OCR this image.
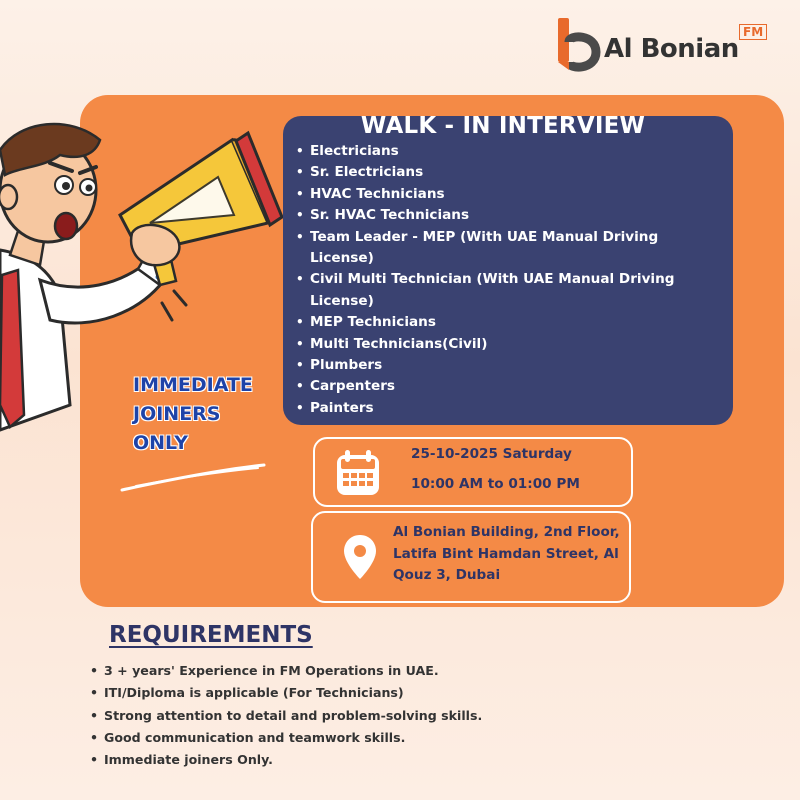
Al Bonian
FM
WALK - IN INTERVIEW
• Electricians
• Sr. Electricians
• HVAC Technicians
• Sr. HVAC Technicians
• Team Leader - MEP (With UAE Manual Driving License)
• Civil Multi Technician (With UAE Manual Driving License)
• MEP Technicians
• Multi Technicians(Civil)
• Plumbers
• Carpenters
• Painters
IMMEDIATE
JOINERS
ONLY	25-10-2025 Saturday
10:00 AM to 01:00 PM
Al Bonian Building, 2nd Floor, Latifa Bint Hamdan Street, Al Qouz 3, Dubai
REQUIREMENTS
• 3 + years' Experience in FM Operations in UAE.
• ITI/Diploma is applicable (For Technicians)
• Strong attention to detail and problem-solving skills.
• Good communication and teamwork skills.
• Immediate joiners Only.
